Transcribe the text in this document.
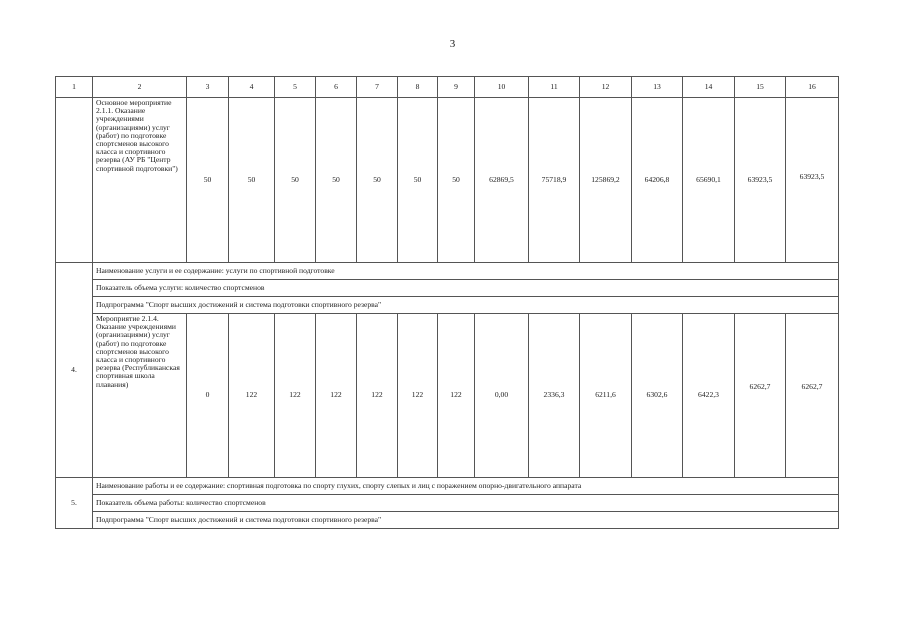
3
1	2	3	4	5	6	7	8	9	10	11	12	13	14	15	16
	Основное мероприятие 2.1.1. Оказание учреждениями (организациями) услуг (работ) по подготовке спортсменов высокого класса и спортивного резерва (АУ РБ "Центр спортивной подготовки")	50	50	50	50	50	50	50	62869,5	75718,9	125869,2	64206,8	65690,1	63923,5	63923,5
4.	Наименование услуги и ее содержание: услуги по спортивной подготовке														
	Показатель объема услуги: количество спортсменов														
	Подпрограмма "Спорт высших достижений и система подготовки спортивного резерва"														
	Мероприятие 2.1.4. Оказание учреждениями (организациями) услуг (работ) по подготовке спортсменов высокого класса и спортивного резерва (Республиканская спортивная школа плавания)	0	122	122	122	122	122	122	0,00	2336,3	6211,6	6302,6	6422,3	6262,7	6262,7
5.	Наименование работы и ее содержание: спортивная подготовка по спорту глухих, спорту слепых и лиц с поражением опорно-двигательного аппарата														
	Показатель объема работы: количество спортсменов														
	Подпрограмма "Спорт высших достижений и система подготовки спортивного резерва"														
